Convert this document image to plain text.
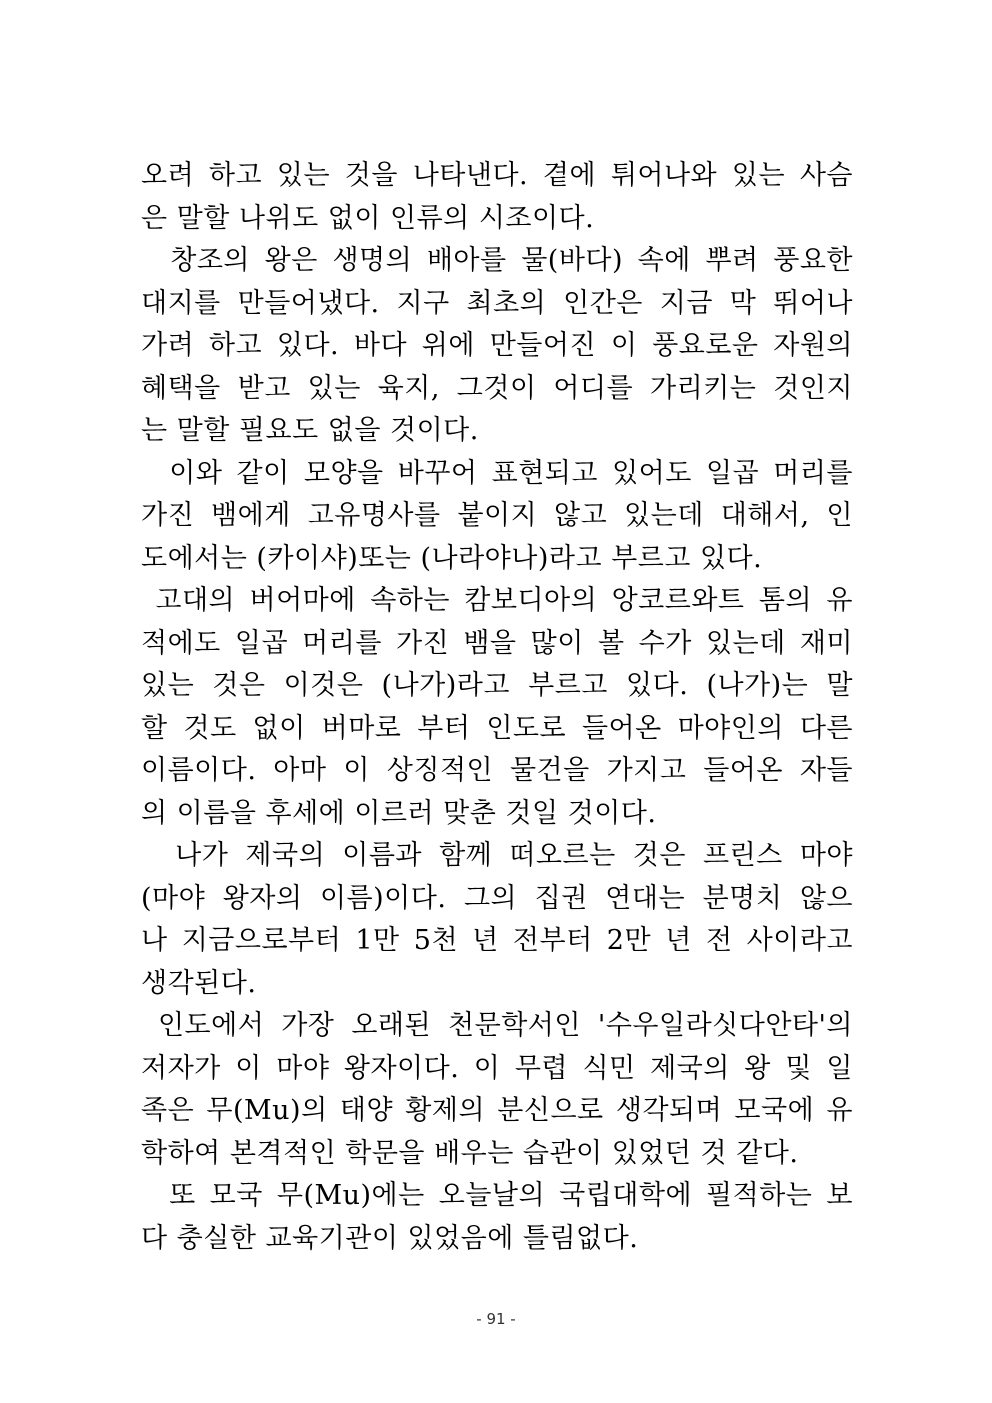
오려 하고 있는 것을 나타낸다. 곁에 튀어나와 있는 사슴
은 말할 나위도 없이 인류의 시조이다.
창조의 왕은 생명의 배아를 물(바다) 속에 뿌려 풍요한
대지를 만들어냈다. 지구 최초의 인간은 지금 막 뛰어나
가려 하고 있다. 바다 위에 만들어진 이 풍요로운 자원의
혜택을 받고 있는 육지, 그것이 어디를 가리키는 것인지
는 말할 필요도 없을 것이다.
이와 같이 모양을 바꾸어 표현되고 있어도 일곱 머리를
가진 뱀에게 고유명사를 붙이지 않고 있는데 대해서, 인
도에서는 (카이샤)또는 (나라야나)라고 부르고 있다.
고대의 버어마에 속하는 캄보디아의 앙코르와트 톰의 유
적에도 일곱 머리를 가진 뱀을 많이 볼 수가 있는데 재미
있는 것은 이것은 (나가)라고 부르고 있다. (나가)는 말
할 것도 없이 버마로 부터 인도로 들어온 마야인의 다른
이름이다. 아마 이 상징적인 물건을 가지고 들어온 자들
의 이름을 후세에 이르러 맞춘 것일 것이다.
나가 제국의 이름과 함께 떠오르는 것은 프린스 마야
(마야 왕자의 이름)이다. 그의 집권 연대는 분명치 않으
나 지금으로부터 1만 5천 년 전부터 2만 년 전 사이라고
생각된다.
인도에서 가장 오래된 천문학서인 '수우일라싯다안타'의
저자가 이 마야 왕자이다. 이 무렵 식민 제국의 왕 및 일
족은 무(Mu)의 태양 황제의 분신으로 생각되며 모국에 유
학하여 본격적인 학문을 배우는 습관이 있었던 것 같다.
또 모국 무(Mu)에는 오늘날의 국립대학에 필적하는 보
다 충실한 교육기관이 있었음에 틀림없다.
- 91 -
